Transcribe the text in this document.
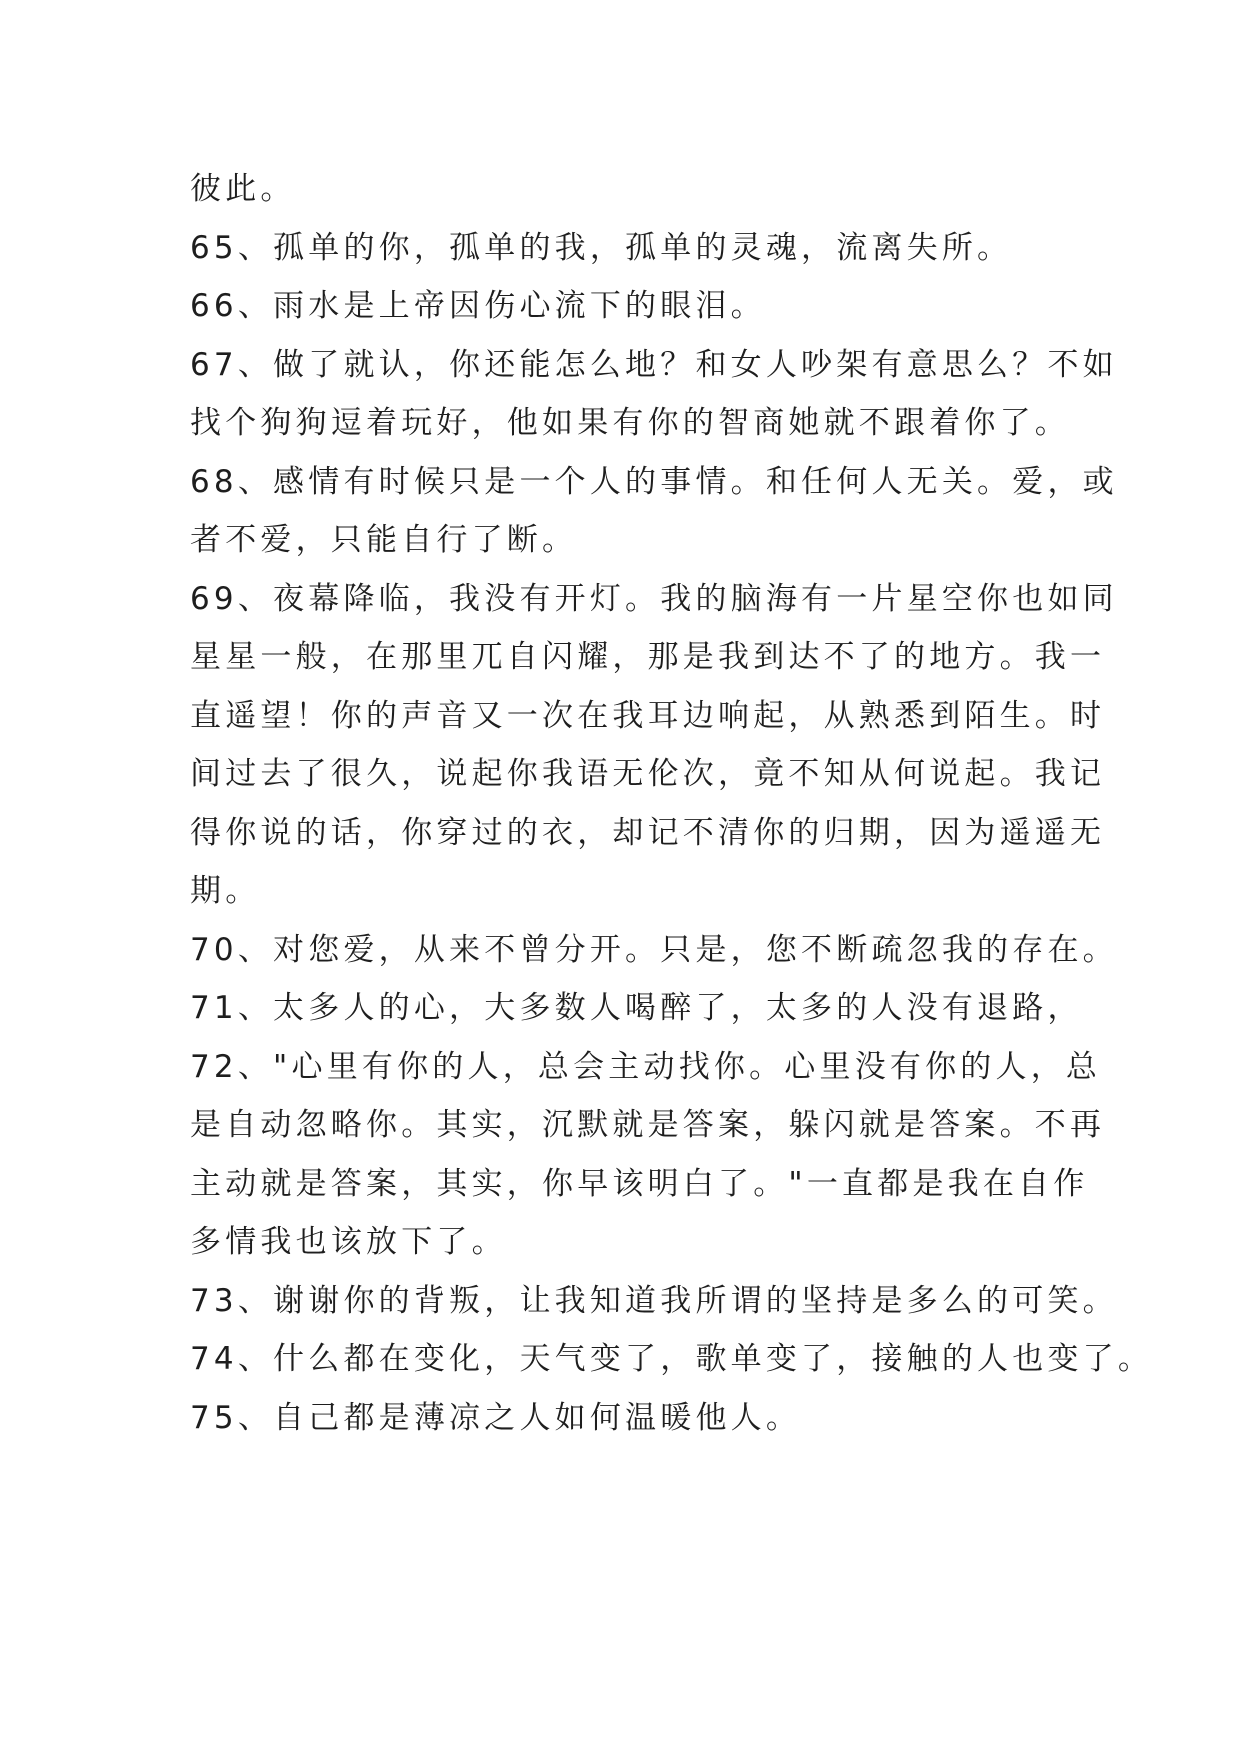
彼此。
65、孤单的你，孤单的我，孤单的灵魂，流离失所。
66、雨水是上帝因伤心流下的眼泪。
67、做了就认，你还能怎么地？和女人吵架有意思么？不如
找个狗狗逗着玩好，他如果有你的智商她就不跟着你了。
68、感情有时候只是一个人的事情。和任何人无关。爱，或
者不爱，只能自行了断。
69、夜幕降临，我没有开灯。我的脑海有一片星空你也如同
星星一般，在那里兀自闪耀，那是我到达不了的地方。我一
直遥望！你的声音又一次在我耳边响起，从熟悉到陌生。时
间过去了很久，说起你我语无伦次，竟不知从何说起。我记
得你说的话，你穿过的衣，却记不清你的归期，因为遥遥无
期。
70、对您爱，从来不曾分开。只是，您不断疏忽我的存在。
71、太多人的心，大多数人喝醉了，太多的人没有退路，
72、"心里有你的人，总会主动找你。心里没有你的人，总
是自动忽略你。其实，沉默就是答案，躲闪就是答案。不再
主动就是答案，其实，你早该明白了。"一直都是我在自作
多情我也该放下了。
73、谢谢你的背叛，让我知道我所谓的坚持是多么的可笑。
74、什么都在变化，天气变了，歌单变了，接触的人也变了。
75、自己都是薄凉之人如何温暖他人。
